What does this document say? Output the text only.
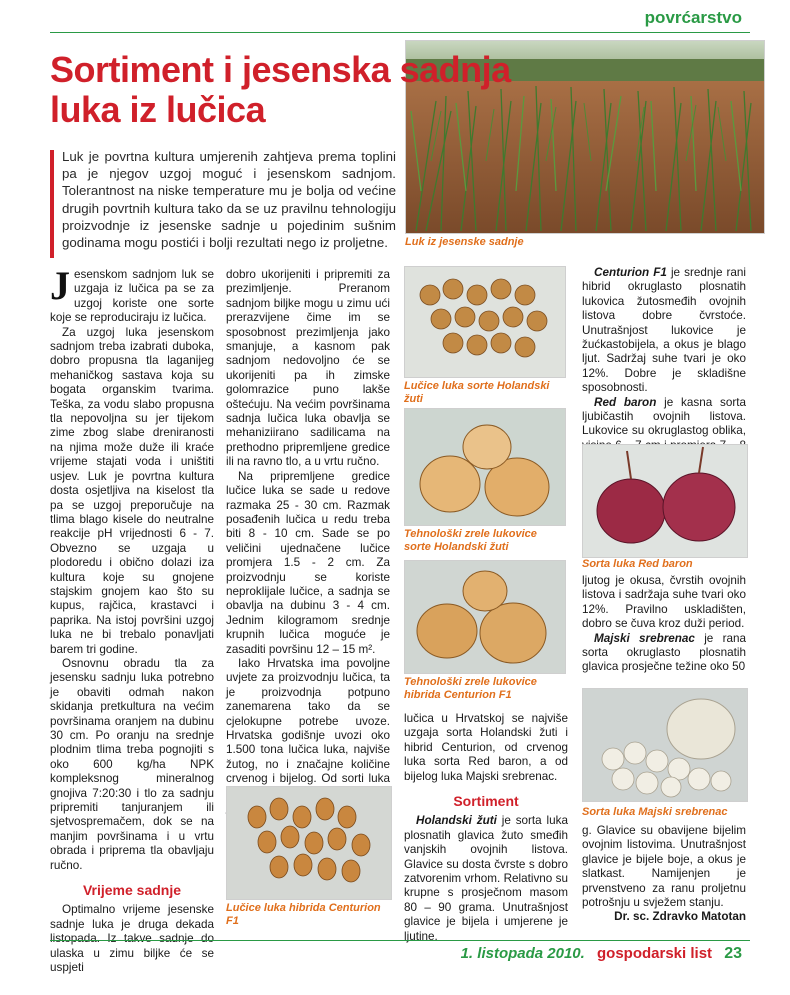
povrćarstvo
Luk iz jesenske sadnje
Sortiment i jesenska sadnja
luka iz lučica

Luk je povrtna kultura umjerenih zahtjeva prema toplini pa je njegov uzgoj moguć i jesenskom sadnjom. Tolerantnost na niske temperature mu je bolja od većine drugih povrtnih kultura tako da se uz pravilnu tehnologiju proizvodnje iz jesenske sadnje u pojedinim sušnim godinama mogu postići i bolji rezultati nego iz proljetne.

Jesenskom sadnjom luk se uzgaja iz lučica pa se za uzgoj koriste one sorte koje se reproduciraju iz lučica.

Za uzgoj luka jesenskom sadnjom treba izabrati duboka, dobro propusna tla laganijeg mehaničkog sastava koja su bogata organskim tvarima. Teška, za vodu slabo propusna tla nepovoljna su jer tijekom zime zbog slabe dreniranosti na njima može duže ili kraće vrijeme stajati voda i uništiti usjev. Luk je povrtna kultura dosta osjetljiva na kiselost tla pa se uzgoj preporučuje na tlima blago kisele do neutralne reakcije pH vrijednosti 6 - 7. Obvezno se uzgaja u plodoredu i obično dolazi iza kultura koje su gnojene stajskim gnojem kao što su kupus, rajčica, krastavci i paprika. Na istoj površini uzgoj luka ne bi trebalo ponavljati barem tri godine.

Osnovnu obradu tla za jesensku sadnju luka potrebno je obaviti odmah nakon skidanja pretkultura na većim površinama oranjem na dubinu 30 cm. Po oranju na srednje plodnim tlima treba pognojiti s oko 600 kg/ha NPK kompleksnog mineralnog gnojiva 7:20:30 i tlo za sadnju pripremiti tanjuranjem ili sjetvospremačem, dok se na manjim površinama i u vrtu obrada i priprema tla obavljaju ručno.

Vrijeme sadnje

Optimalno vrijeme jesenske sadnje luka je druga dekada listopada. Iz takve sadnje do ulaska u zimu biljke će se uspjeti

dobro ukorijeniti i pripremiti za prezimljenje. Preranom sadnjom biljke mogu u zimu ući prerazvijene čime im se sposobnost prezimljenja jako smanjuje, a kasnom pak sadnjom nedovoljno će se ukorijeniti pa ih zimske golomrazice puno lakše oštećuju. Na većim površinama sadnja lučica luka obavlja se mehaniziirano sadilicama na prethodno pripremljene gredice ili na ravno tlo, a u vrtu ručno.

Na pripremljene gredice lučice luka se sade u redove razmaka 25 - 30 cm. Razmak posađenih lučica u redu treba biti 8 - 10 cm. Sade se po veličini ujednačene lučice promjera 1.5 - 2 cm. Za proizvodnju se koriste neproklijale lučice, a sadnja se obavlja na dubinu 3 - 4 cm. Jednim kilogramom srednje krupnih lučica moguće je zasaditi površinu 12 – 15 m².

Iako Hrvatska ima povoljne uvjete za proizvodnju lučica, ta je proizvodnja potpuno zanemarena tako da se cjelokupne potrebe uvoze. Hrvatska godišnje uvozi oko 1.500 tona lučica luka, najviše žutog, no i značajne količine crvenog i bijelog. Od sorti luka

Lučice luka hibrida Centurion F1
Lučice luka sorte Holandski žuti
Tehnološki zrele lukovice sorte Holandski žuti
Tehnološki zrele lukovice hibrida Centurion F1

lučica u Hrvatskoj se najviše uzgaja sorta Holandski žuti i hibrid Centurion, od crvenog luka sorta Red baron, a od bijelog luka Majski srebrenac.

Sortiment

Holandski žuti je sorta luka plosnatih glavica žuto smeđih vanjskih ovojnih listova. Glavice su dosta čvrste s dobro zatvorenim vrhom. Relativno su krupne s prosječnom masom 80 – 90 grama. Unutrašnjost glavice je bijela i umjerene je ljutine.

Centurion F1 je srednje rani hibrid okruglasto plosnatih lukovica žutosmeđih ovojnih listova dobre čvrstoće. Unutrašnjost lukovice je žućkastobijela, a okus je blago ljut. Sadržaj suhe tvari je oko 12%. Dobre je skladišne sposobnosti.

Red baron je kasna sorta ljubičastih ovojnih listova. Lukovice su okruglastog oblika,

Sorta luka Red baron

ljutog je okusa, čvrstih ovojnih listova i sadržaja suhe tvari oko 12%. Pravilno uskladišten, dobro se čuva kroz duži period.

Majski srebrenac je rana sorta okruglasto plosnatih glavica prosječne težine oko 50

Sorta luka Majski srebrenac

g. Glavice su obavijene bijelim ovojnim listovima. Unutrašnjost glavice je bijele boje, a okus je slatkast. Namijenjen je prvenstveno za ranu proljetnu potrošnju u svježem stanju.

Dr. sc. Zdravko Matotan
1. listopada 2010. gospodarski list 23
